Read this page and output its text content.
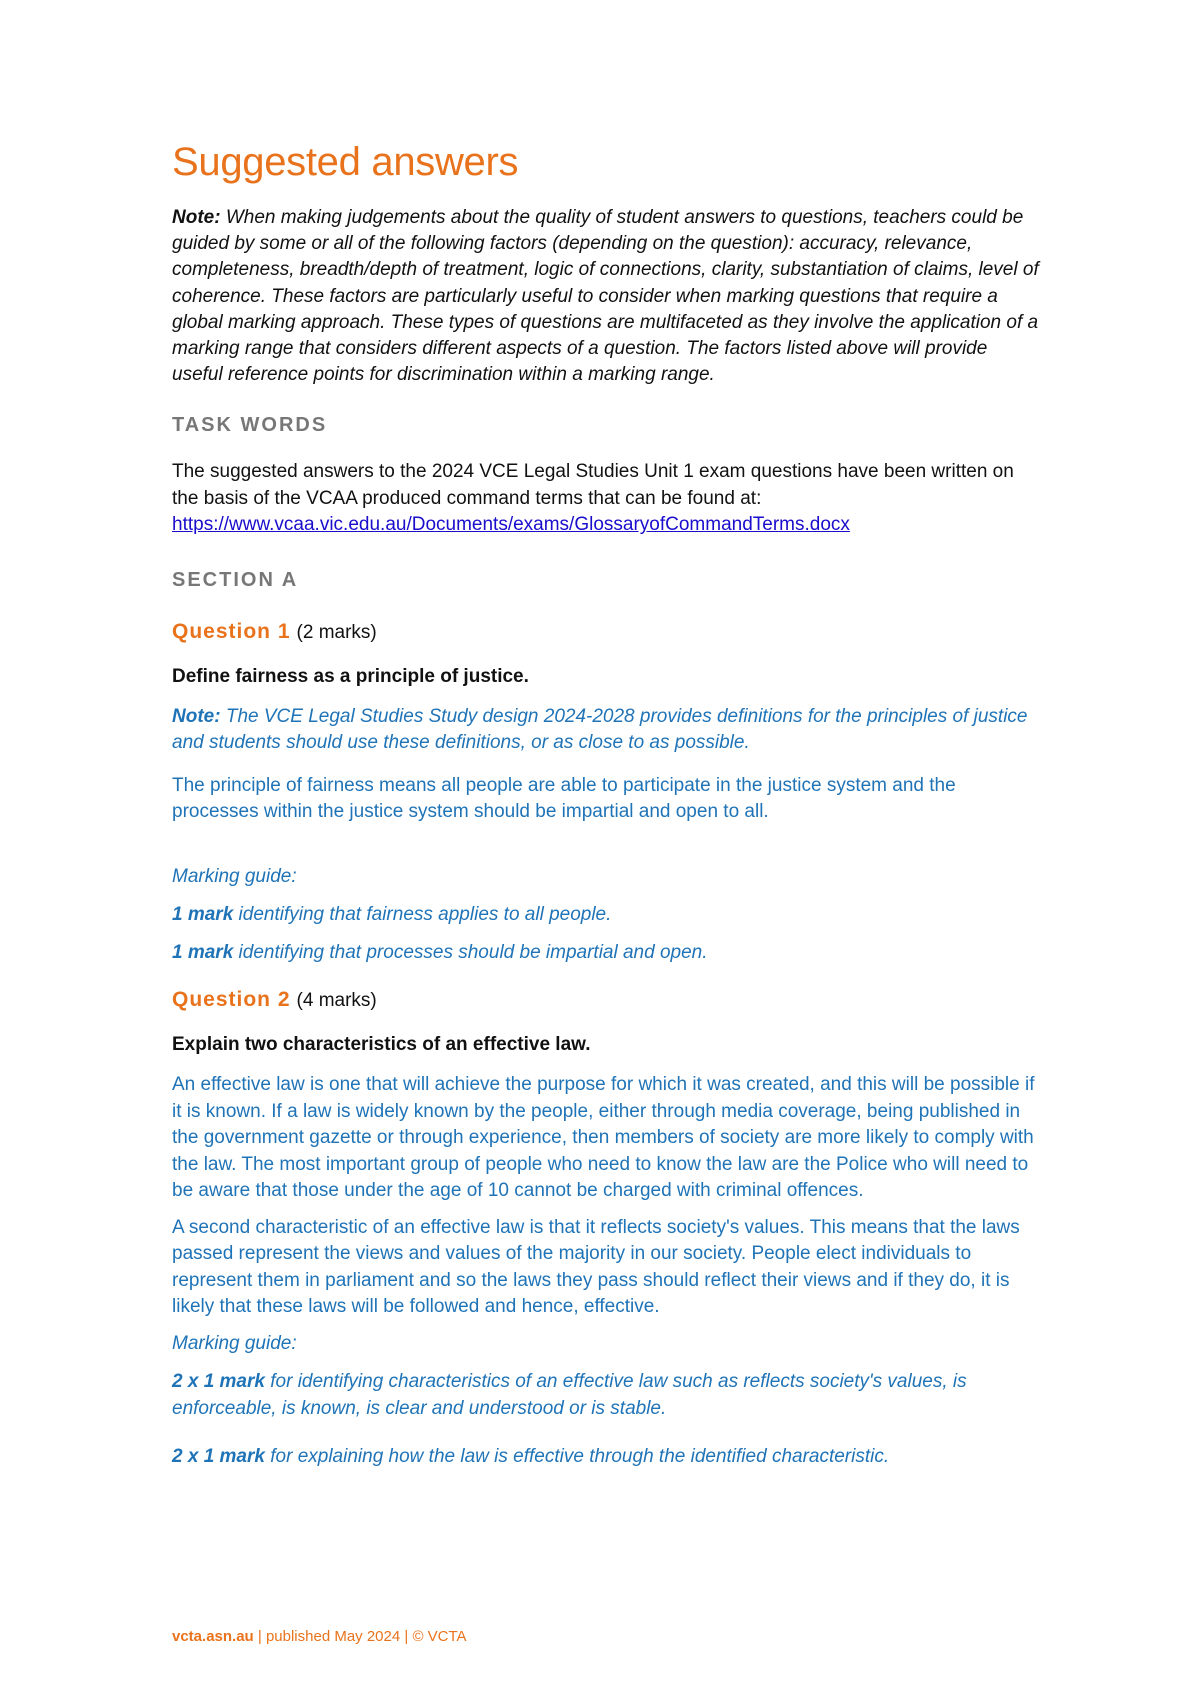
Suggested answers

Note: When making judgements about the quality of student answers to questions, teachers could be guided by some or all of the following factors (depending on the question): accuracy, relevance, completeness, breadth/depth of treatment, logic of connections, clarity, substantiation of claims, level of coherence. These factors are particularly useful to consider when marking questions that require a global marking approach. These types of questions are multifaceted as they involve the application of a marking range that considers different aspects of a question. The factors listed above will provide useful reference points for discrimination within a marking range.

TASK WORDS

The suggested answers to the 2024 VCE Legal Studies Unit 1 exam questions have been written on the basis of the VCAA produced command terms that can be found at:

https://www.vcaa.vic.edu.au/Documents/exams/GlossaryofCommandTerms.docx

SECTION A
Question 1 (2 marks)

Define fairness as a principle of justice.

Note: The VCE Legal Studies Study design 2024-2028 provides definitions for the principles of justice and students should use these definitions, or as close to as possible.

The principle of fairness means all people are able to participate in the justice system and the processes within the justice system should be impartial and open to all.

Marking guide:

1 mark identifying that fairness applies to all people.

1 mark identifying that processes should be impartial and open.

Question 2 (4 marks)

Explain two characteristics of an effective law.

An effective law is one that will achieve the purpose for which it was created, and this will be possible if it is known. If a law is widely known by the people, either through media coverage, being published in the government gazette or through experience, then members of society are more likely to comply with the law. The most important group of people who need to know the law are the Police who will need to be aware that those under the age of 10 cannot be charged with criminal offences.

A second characteristic of an effective law is that it reflects society's values. This means that the laws passed represent the views and values of the majority in our society. People elect individuals to represent them in parliament and so the laws they pass should reflect their views and if they do, it is likely that these laws will be followed and hence, effective.

Marking guide:

2 x 1 mark for identifying characteristics of an effective law such as reflects society's values, is enforceable, is known, is clear and understood or is stable.

2 x 1 mark for explaining how the law is effective through the identified characteristic.

vcta.asn.au | published May 2024 | © VCTA
